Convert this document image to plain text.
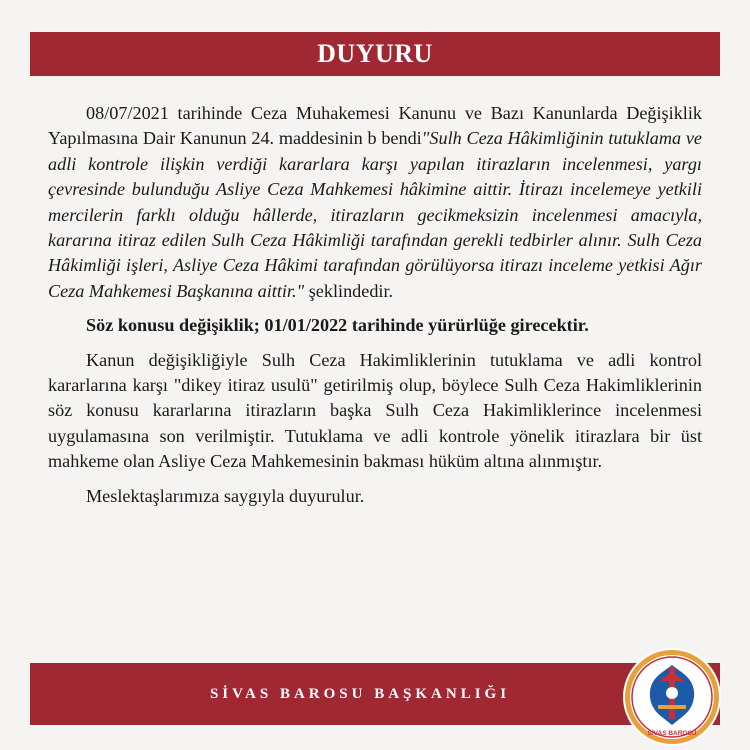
DUYURU

08/07/2021 tarihinde Ceza Muhakemesi Kanunu ve Bazı Kanunlarda Değişiklik Yapılmasına Dair Kanunun 24. maddesinin b bendi"Sulh Ceza Hâkimliğinin tutuklama ve adli kontrole ilişkin verdiği kararlara karşı yapılan itirazların incelenmesi, yargı çevresinde bulunduğu Asliye Ceza Mahkemesi hâkimine aittir. İtirazı incelemeye yetkili mercilerin farklı olduğu hâllerde, itirazların gecikmeksizin incelenmesi amacıyla, kararına itiraz edilen Sulh Ceza Hâkimliği tarafından gerekli tedbirler alınır. Sulh Ceza Hâkimliği işleri, Asliye Ceza Hâkimi tarafından görülüyorsa itirazı inceleme yetkisi Ağır Ceza Mahkemesi Başkanına aittir." şeklindedir.

Söz konusu değişiklik; 01/01/2022 tarihinde yürürlüğe girecektir.

Kanun değişikliğiyle Sulh Ceza Hakimliklerinin tutuklama ve adli kontrol kararlarına karşı "dikey itiraz usulü" getirilmiş olup, böylece Sulh Ceza Hakimliklerinin söz konusu kararlarına itirazların başka Sulh Ceza Hakimliklerince incelenmesi uygulamasına son verilmiştir. Tutuklama ve adli kontrole yönelik itirazlara bir üst mahkeme olan Asliye Ceza Mahkemesinin bakması hüküm altına alınmıştır.

Meslektaşlarımıza saygıyla duyurulur.

SİVAS BAROSU BAŞKANLIĞI
SİVAS BAROSU
